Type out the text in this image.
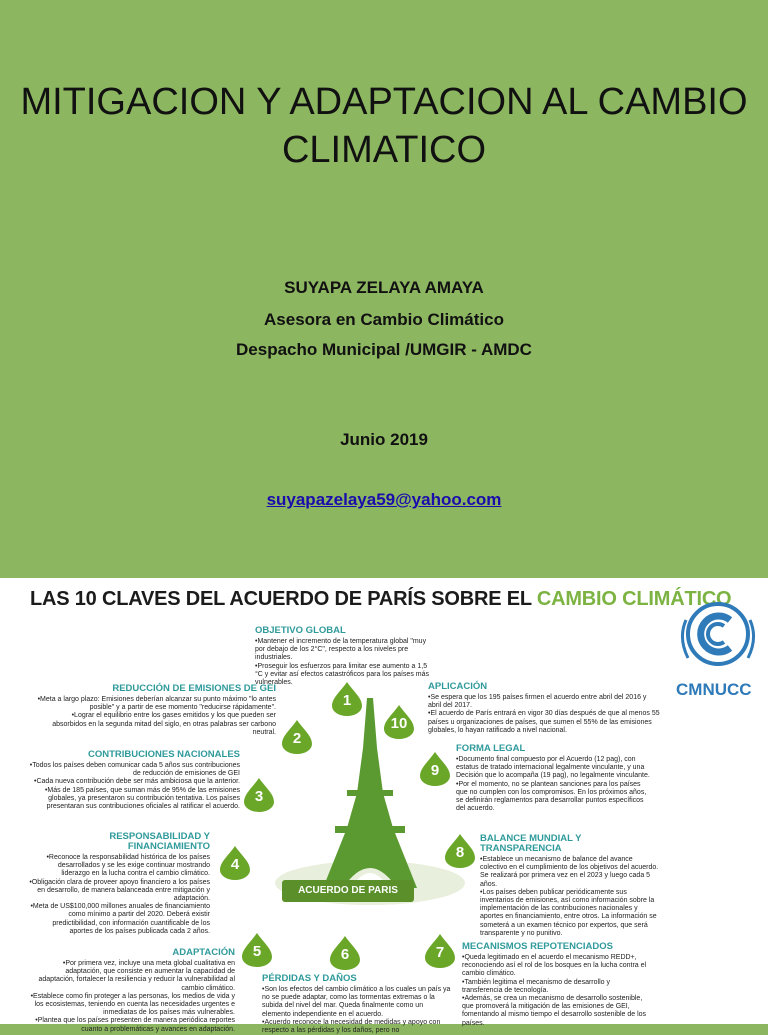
MITIGACION Y ADAPTACION AL CAMBIO CLIMATICO
SUYAPA ZELAYA AMAYA
Asesora en Cambio Climático
Despacho Municipal /UMGIR - AMDC
Junio 2019
suyapazelaya59@yahoo.com
LAS 10 CLAVES DEL ACUERDO DE PARÍS SOBRE EL CAMBIO CLIMÁTICO
CMNUCC
ACUERDO DE PARIS
1
2
3
4
5	6	7
8
9
10
OBJETIVO GLOBAL
•Mantener el incremento de la temperatura global "muy por debajo de los 2°C", respecto a los niveles pre industriales.
•Proseguir los esfuerzos para limitar ese aumento a 1,5 °C y evitar así efectos catastróficos para los países más vulnerables.
REDUCCIÓN DE EMISIONES DE GEI
•Meta a largo plazo: Emisiones deberían alcanzar su punto máximo "lo antes posible" y a partir de ese momento "reducirse rápidamente".
•Lograr el equilibrio entre los gases emitidos y los que pueden ser absorbidos en la segunda mitad del siglo, en otras palabras ser carbono neutral.
CONTRIBUCIONES NACIONALES
•Todos los países deben comunicar cada 5 años sus contribuciones de reducción de emisiones de GEI
•Cada nueva contribución debe ser más ambiciosa que la anterior.
•Más de 185 países, que suman más de 95% de las emisiones globales, ya presentaron su contribución tentativa. Los países presentaran sus contribuciones oficiales al ratificar el acuerdo.
RESPONSABILIDAD Y FINANCIAMIENTO
•Reconoce la responsabilidad histórica de los países desarrollados y se les exige continuar mostrando liderazgo en la lucha contra el cambio climático.
•Obligación clara de proveer apoyo financiero a los países en desarrollo, de manera balanceada entre mitigación y adaptación.
•Meta de US$100,000 millones anuales de financiamiento como mínimo a partir del 2020. Deberá existir predictibilidad, con información cuantificable de los aportes de los países publicada cada 2 años.
ADAPTACIÓN
•Por primera vez, incluye una meta global cualitativa en adaptación, que consiste en aumentar la capacidad de adaptación, fortalecer la resiliencia y reducir la vulnerabilidad al cambio climático.
•Establece como fin proteger a las personas, los medios de vida y los ecosistemas, teniendo en cuenta las necesidades urgentes e inmediatas de los países más vulnerables.
•Plantea que los países presenten de manera periódica reportes cuanto a problemáticas y avances en adaptación.
PÉRDIDAS Y DAÑOS
•Son los efectos del cambio climático a los cuales un país ya no se puede adaptar, como las tormentas extremas o la subida del nivel del mar. Queda finalmente como un elemento independiente en el acuerdo.
•Acuerdo reconoce la necesidad de medidas y apoyo con respecto a las pérdidas y los daños, pero no
MECANISMOS REPOTENCIADOS
•Queda legitimado en el acuerdo el mecanismo REDD+, reconociendo así el rol de los bosques en la lucha contra el cambio climático.
•También legitima el mecanismo de desarrollo y transferencia de tecnología.
•Además, se crea un mecanismo de desarrollo sostenible, que promoverá la mitigación de las emisiones de GEI, fomentando al mismo tiempo el desarrollo sostenible de los países.
BALANCE MUNDIAL Y TRANSPARENCIA
•Establece un mecanismo de balance del avance colectivo en el cumplimiento de los objetivos del acuerdo. Se realizará por primera vez en el 2023 y luego cada 5 años.
•Los países deben publicar periódicamente sus inventarios de emisiones, así como información sobre la implementación de las contribuciones nacionales y aportes en financiamiento, entre otros. La información se someterá a un examen técnico por expertos, que será transparente y no punitivo.
FORMA LEGAL
•Documento final compuesto por el Acuerdo (12 pag), con estatus de tratado internacional legalmente vinculante, y una Decisión que lo acompaña (19 pag), no legalmente vinculante.
•Por el momento, no se plantean sanciones para los países que no cumplen con los compromisos. En los próximos años, se definirán reglamentos para desarrollar puntos específicos del acuerdo.
APLICACIÓN
•Se espera que los 195 países firmen el acuerdo entre abril del 2016 y abril del 2017.
•El acuerdo de París entrará en vigor 30 días después de que al menos 55 países u organizaciones de países, que sumen el 55% de las emisiones globales, lo hayan ratificado a nivel nacional.
